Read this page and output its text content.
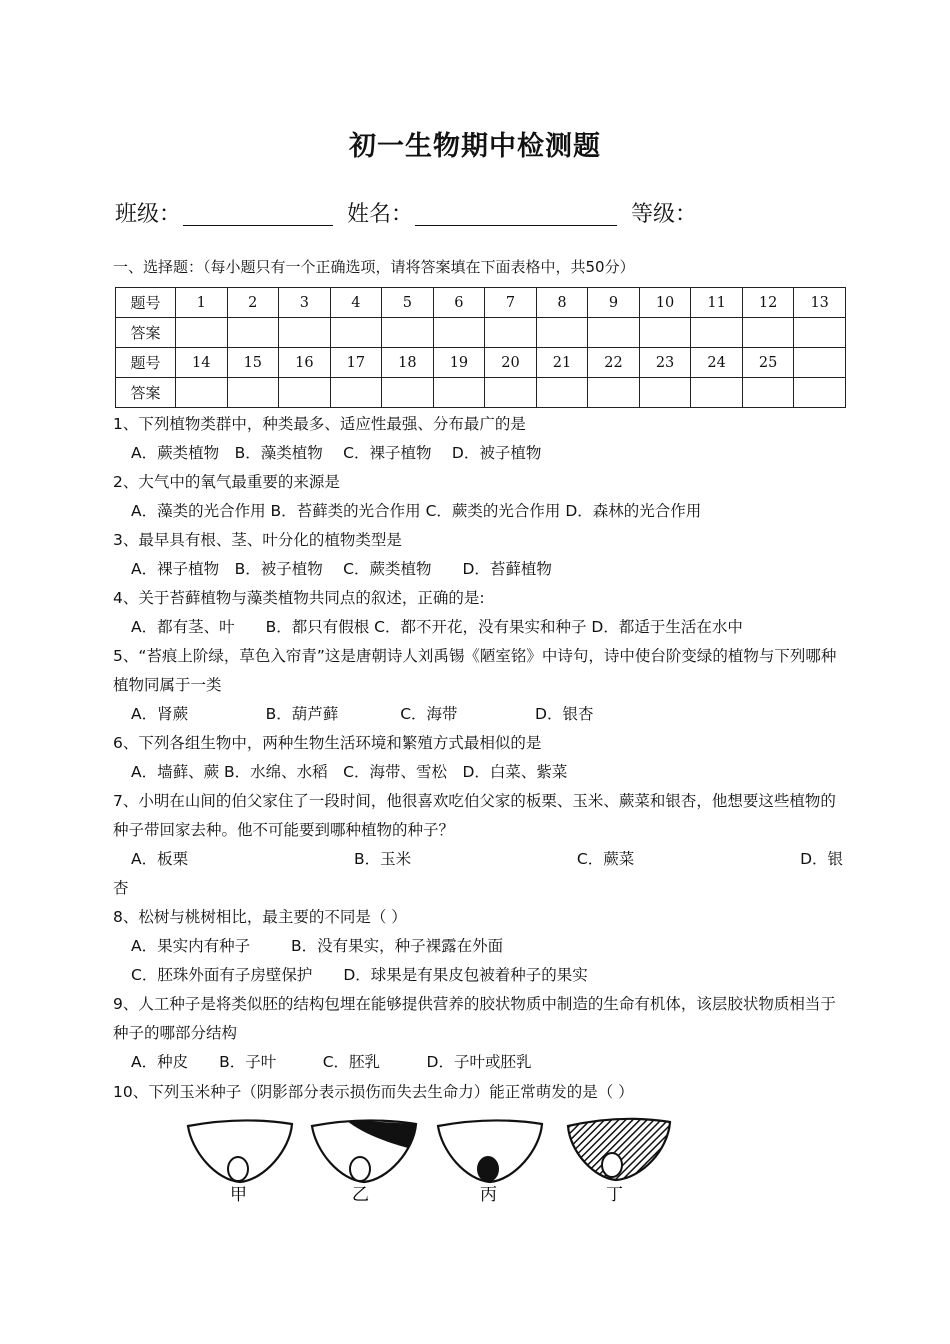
初一生物期中检测题
班级：	姓名：	等级：
一、选择题：（每小题只有一个正确选项，请将答案填在下面表格中，共50分）
题号	1	2	3	4	5	6	7	8	9	10	11	12	13
答案													
题号	14	15	16	17	18	19	20	21	22	23	24	25	
答案													
1、下列植物类群中，种类最多、适应性最强、分布最广的是
A．蕨类植物　B．藻类植物　 C．裸子植物　 D．被子植物
2、大气中的氧气最重要的来源是
A．藻类的光合作用 B．苔藓类的光合作用 C．蕨类的光合作用 D．森林的光合作用
3、最早具有根、茎、叶分化的植物类型是
A．裸子植物　B．被子植物　 C．蕨类植物　　D．苔藓植物
4、关于苔藓植物与藻类植物共同点的叙述，正确的是:
A．都有茎、叶　　B．都只有假根 C．都不开花，没有果实和种子 D．都适于生活在水中
5、“苔痕上阶绿，草色入帘青”这是唐朝诗人刘禹锡《陋室铭》中诗句，诗中使台阶变绿的植物与下列哪种植物同属于一类
A．肾蕨　　　　　B．葫芦藓　　　　C．海带　　　　　D．银杏
6、下列各组生物中，两种生物生活环境和繁殖方式最相似的是
A．墙藓、蕨 B．水绵、水稻　C．海带、雪松　D．白菜、紫菜
7、小明在山间的伯父家住了一段时间，他很喜欢吃伯父家的板栗、玉米、蕨菜和银杏，他想要这些植物的种子带回家去种。他不可能要到哪种植物的种子？
A．板栗	B．玉米	C．蕨菜	D．银
杏
8、松树与桃树相比，最主要的不同是（ ）
A．果实内有种子 　　 B．没有果实，种子裸露在外面
C．胚珠外面有子房壁保护　　D．球果是有果皮包被着种子的果实
9、人工种子是将类似胚的结构包埋在能够提供营养的胶状物质中制造的生命有机体，该层胶状物质相当于种子的哪部分结构
A．种皮　　B．子叶　　　C．胚乳　　　D．子叶或胚乳
10、下列玉米种子（阴影部分表示损伤而失去生命力）能正常萌发的是（ ）
甲	乙	丙	丁
